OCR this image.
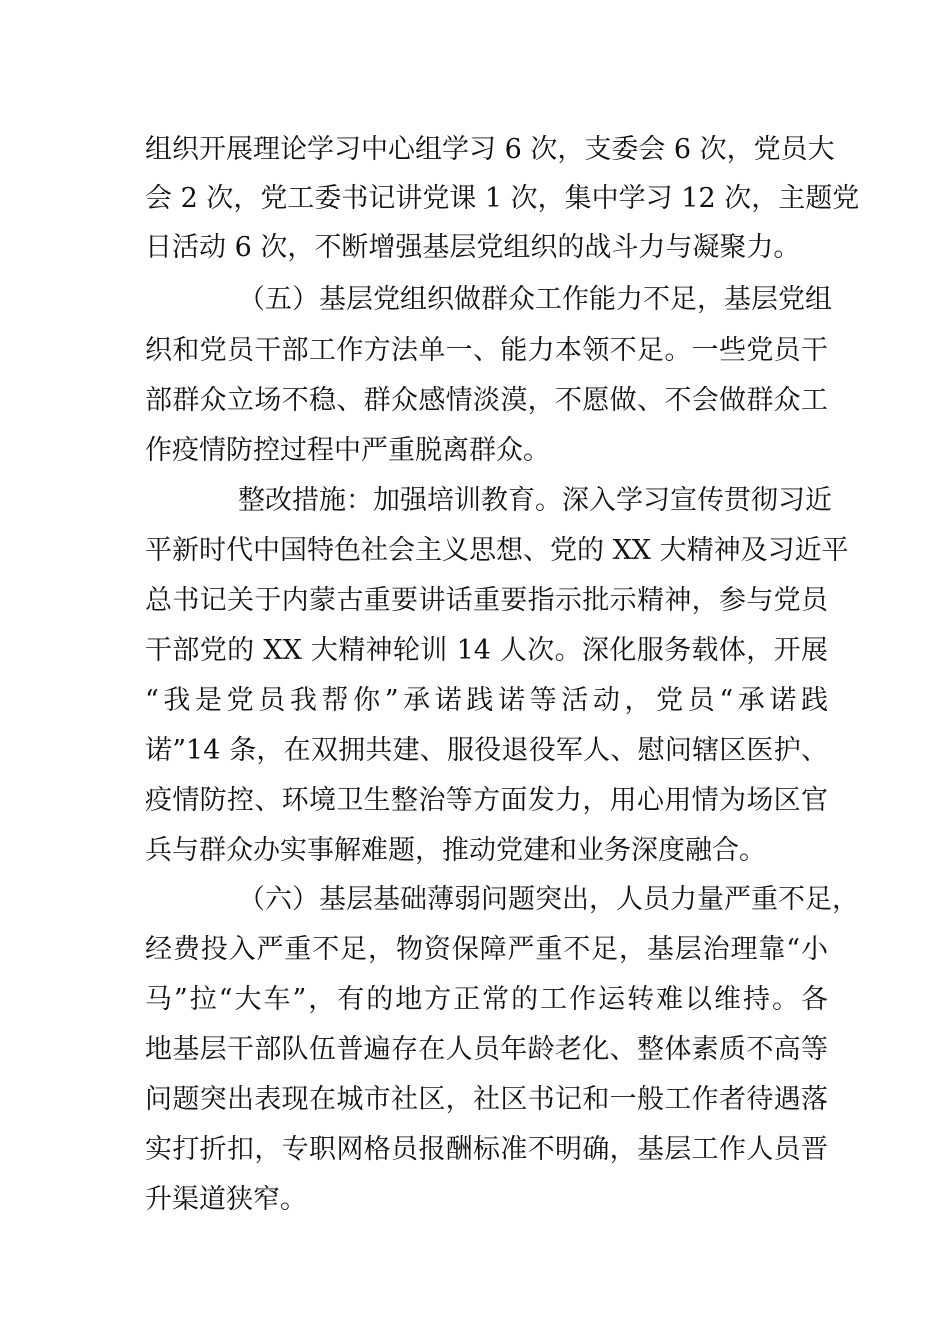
组织开展理论学习中心组学习 6 次，支委会 6 次，党员大
会 2 次，党工委书记讲党课 1 次，集中学习 12 次，主题党
日活动 6 次，不断增强基层党组织的战斗力与凝聚力。
（五）基层党组织做群众工作能力不足，基层党组
织和党员干部工作方法单一、能力本领不足。一些党员干
部群众立场不稳、群众感情淡漠，不愿做、不会做群众工
作疫情防控过程中严重脱离群众。
整改措施：加强培训教育。深入学习宣传贯彻习近
平新时代中国特色社会主义思想、党的 XX 大精神及习近平
总书记关于内蒙古重要讲话重要指示批示精神，参与党员
干部党的 XX 大精神轮训 14 人次。深化服务载体，开展
“我是党员我帮你”承诺践诺等活动，党员“承诺践
诺”14 条，在双拥共建、服役退役军人、慰问辖区医护、
疫情防控、环境卫生整治等方面发力，用心用情为场区官
兵与群众办实事解难题，推动党建和业务深度融合。
（六）基层基础薄弱问题突出，人员力量严重不足，
经费投入严重不足，物资保障严重不足，基层治理靠“小
马”拉“大车”，有的地方正常的工作运转难以维持。各
地基层干部队伍普遍存在人员年龄老化、整体素质不高等
问题突出表现在城市社区，社区书记和一般工作者待遇落
实打折扣，专职网格员报酬标准不明确，基层工作人员晋
升渠道狭窄。
